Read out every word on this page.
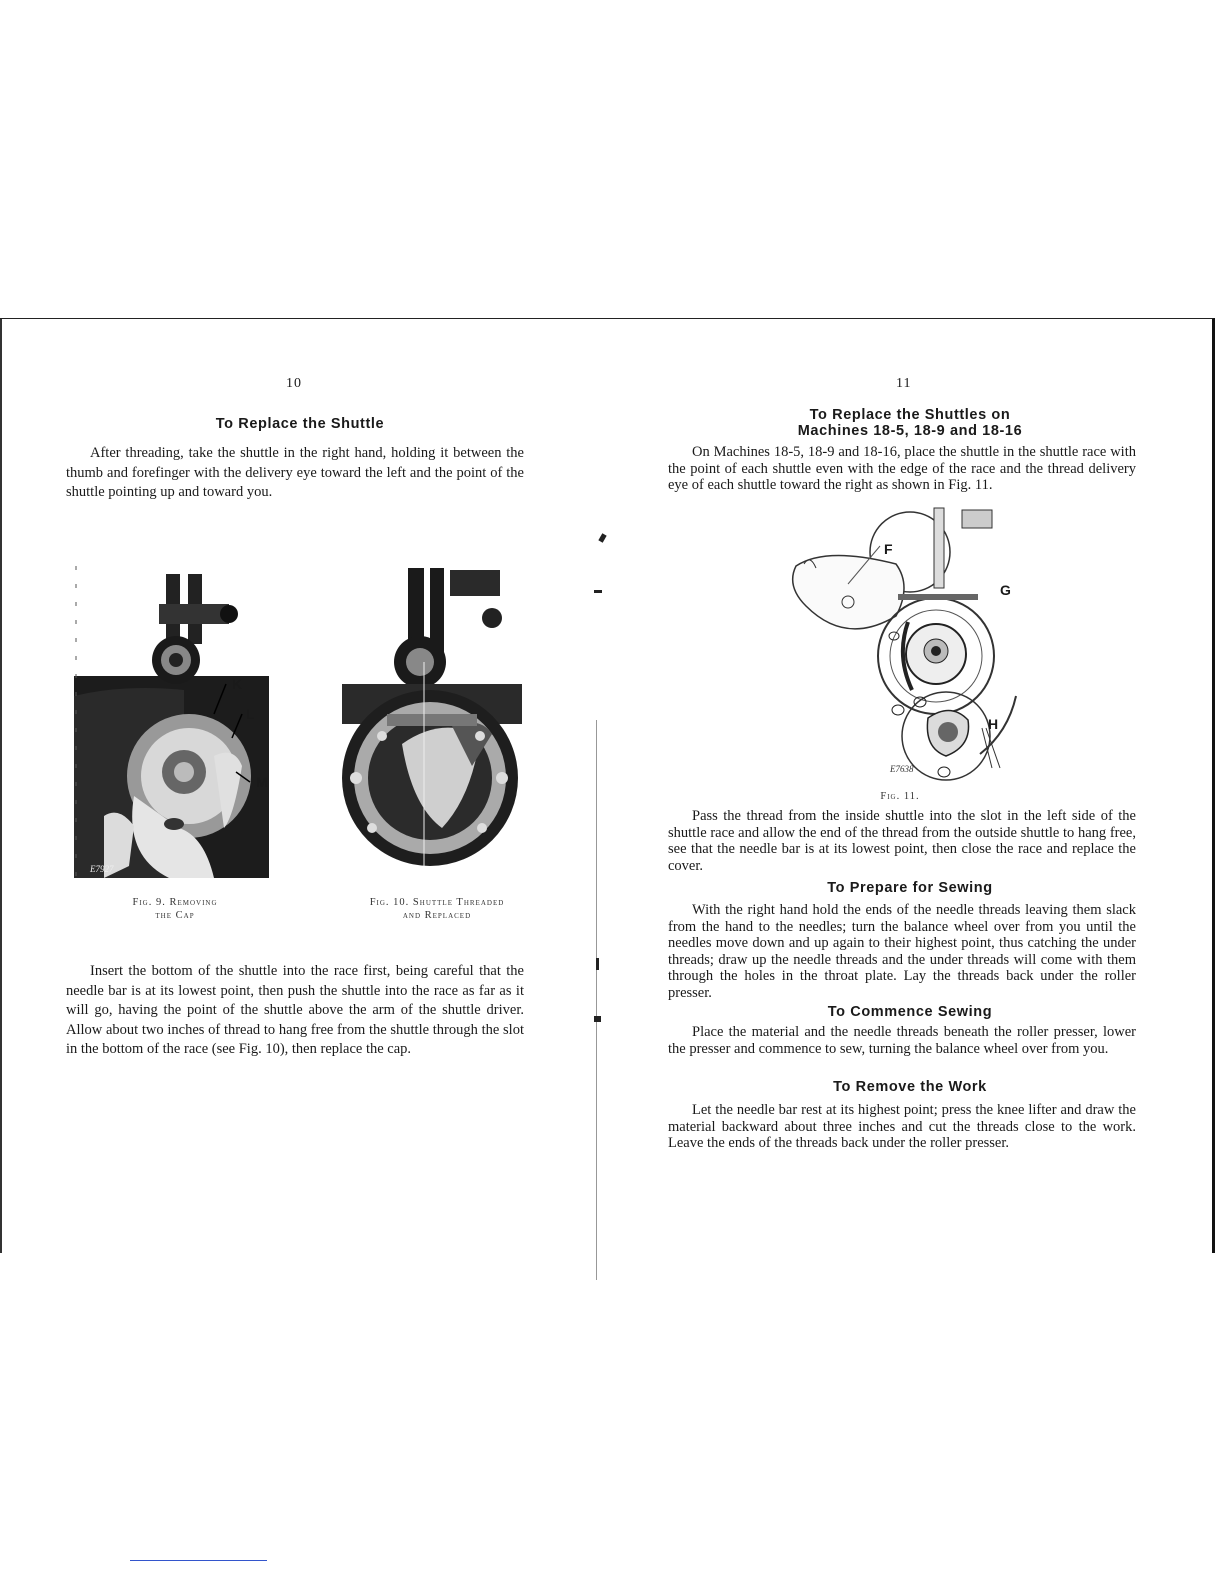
10
To Replace the Shuttle
After threading, take the shuttle in the right hand, holding it between the thumb and forefinger with the delivery eye toward the left and the point of the shuttle pointing up and toward you.
K
L
M
E7927
Fig. 9. Removing
the Cap
Fig. 10. Shuttle Threaded
and Replaced
Insert the bottom of the shuttle into the race first, being careful that the needle bar is at its lowest point, then push the shuttle into the race as far as it will go, having the point of the shuttle above the arm of the shuttle driver. Allow about two inches of thread to hang free from the shuttle through the slot in the bottom of the race (see Fig. 10), then replace the cap.
11
To Replace the Shuttles on
Machines 18-5, 18-9 and 18-16
On Machines 18-5, 18-9 and 18-16, place the shuttle in the shuttle race with the point of each shuttle even with the edge of the race and the thread delivery eye of each shuttle toward the right as shown in Fig. 11.
F
G
H
E7638
Fig. 11.
Pass the thread from the inside shuttle into the slot in the left side of the shuttle race and allow the end of the thread from the outside shuttle to hang free, see that the needle bar is at its lowest point, then close the race and replace the cover.
To Prepare for Sewing
With the right hand hold the ends of the needle threads leaving them slack from the hand to the needles; turn the balance wheel over from you until the needles move down and up again to their highest point, thus catching the under threads; draw up the needle threads and the under threads will come with them through the holes in the throat plate. Lay the threads back under the roller presser.
To Commence Sewing
Place the material and the needle threads beneath the roller presser, lower the presser and commence to sew, turning the balance wheel over from you.
To Remove the Work
Let the needle bar rest at its highest point; press the knee lifter and draw the material backward about three inches and cut the threads close to the work. Leave the ends of the threads back under the roller presser.
